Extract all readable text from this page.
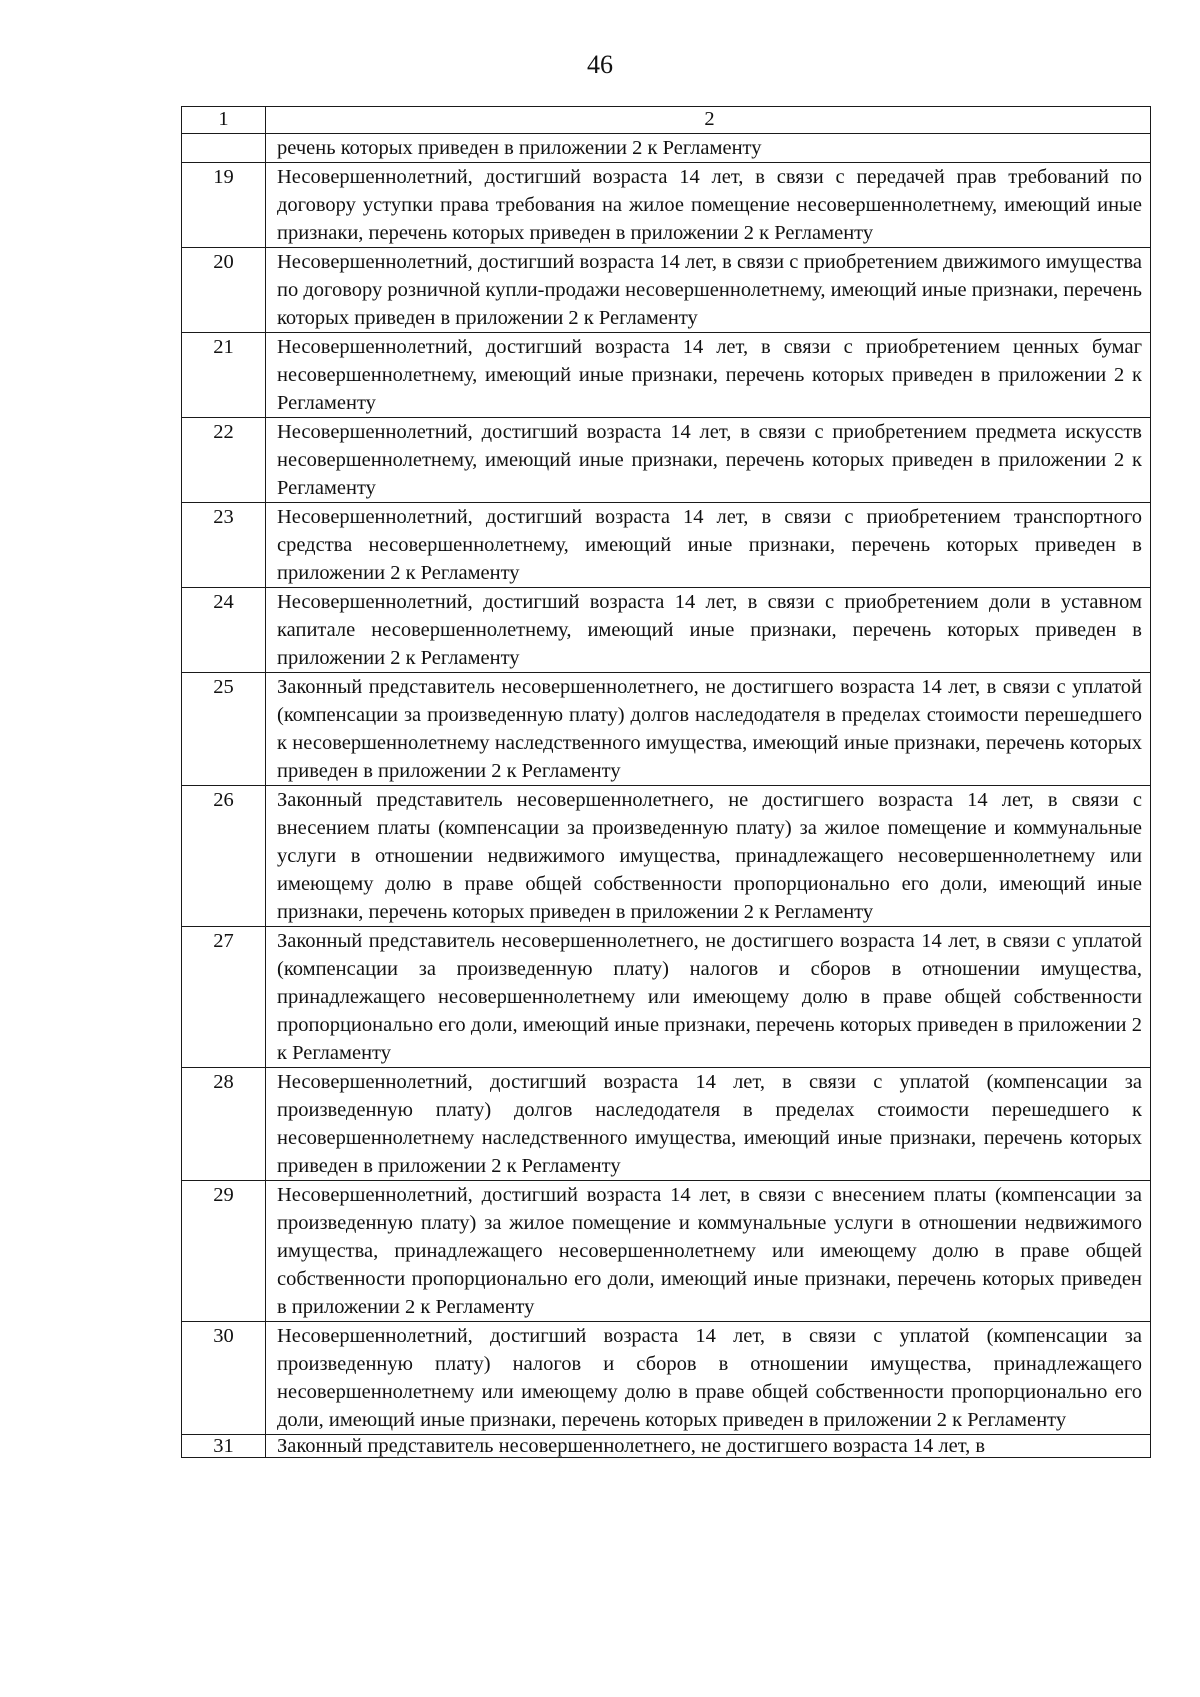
46
1	2
	речень которых приведен в приложении 2 к Регламенту
19	Несовершеннолетний, достигший возраста 14 лет, в связи с передачей прав требований по договору уступки права требования на жилое помещение несовершеннолетнему, имеющий иные признаки, перечень которых приведен в приложении 2 к Регламенту
20	Несовершеннолетний, достигший возраста 14 лет, в связи с приобретением движимого имущества по договору розничной купли-продажи несовершеннолетнему, имеющий иные признаки, перечень которых приведен в приложении 2 к Регламенту
21	Несовершеннолетний, достигший возраста 14 лет, в связи с приобретением ценных бумаг несовершеннолетнему, имеющий иные признаки, перечень которых приведен в приложении 2 к Регламенту
22	Несовершеннолетний, достигший возраста 14 лет, в связи с приобретением предмета искусств несовершеннолетнему, имеющий иные признаки, перечень которых приведен в приложении 2 к Регламенту
23	Несовершеннолетний, достигший возраста 14 лет, в связи с приобретением транспортного средства несовершеннолетнему, имеющий иные признаки, перечень которых приведен в приложении 2 к Регламенту
24	Несовершеннолетний, достигший возраста 14 лет, в связи с приобретением доли в уставном капитале несовершеннолетнему, имеющий иные признаки, перечень которых приведен в приложении 2 к Регламенту
25	Законный представитель несовершеннолетнего, не достигшего возраста 14 лет, в связи с уплатой (компенсации за произведенную плату) долгов наследодателя в пределах стоимости перешедшего к несовершеннолетнему наследственного имущества, имеющий иные признаки, перечень которых приведен в приложении 2 к Регламенту
26	Законный представитель несовершеннолетнего, не достигшего возраста 14 лет, в связи с внесением платы (компенсации за произведенную плату) за жилое помещение и коммунальные услуги в отношении недвижимого имущества, принадлежащего несовершеннолетнему или имеющему долю в праве общей собственности пропорционально его доли, имеющий иные признаки, перечень которых приведен в приложении 2 к Регламенту
27	Законный представитель несовершеннолетнего, не достигшего возраста 14 лет, в связи с уплатой (компенсации за произведенную плату) налогов и сборов в отношении имущества, принадлежащего несовершеннолетнему или имеющему долю в праве общей собственности пропорционально его доли, имеющий иные признаки, перечень которых приведен в приложении 2 к Регламенту
28	Несовершеннолетний, достигший возраста 14 лет, в связи с уплатой (компенсации за произведенную плату) долгов наследодателя в пределах стоимости перешедшего к несовершеннолетнему наследственного имущества, имеющий иные признаки, перечень которых приведен в приложении 2 к Регламенту
29	Несовершеннолетний, достигший возраста 14 лет, в связи с внесением платы (компенсации за произведенную плату) за жилое помещение и коммунальные услуги в отношении недвижимого имущества, принадлежащего несовершеннолетнему или имеющему долю в праве общей собственности пропорционально его доли, имеющий иные признаки, перечень которых приведен в приложении 2 к Регламенту
30	Несовершеннолетний, достигший возраста 14 лет, в связи с уплатой (компенсации за произведенную плату) налогов и сборов в отношении имущества, принадлежащего несовершеннолетнему или имеющему долю в праве общей собственности пропорционально его доли, имеющий иные признаки, перечень которых приведен в приложении 2 к Регламенту
31	Законный представитель несовершеннолетнего, не достигшего возраста 14 лет, в
